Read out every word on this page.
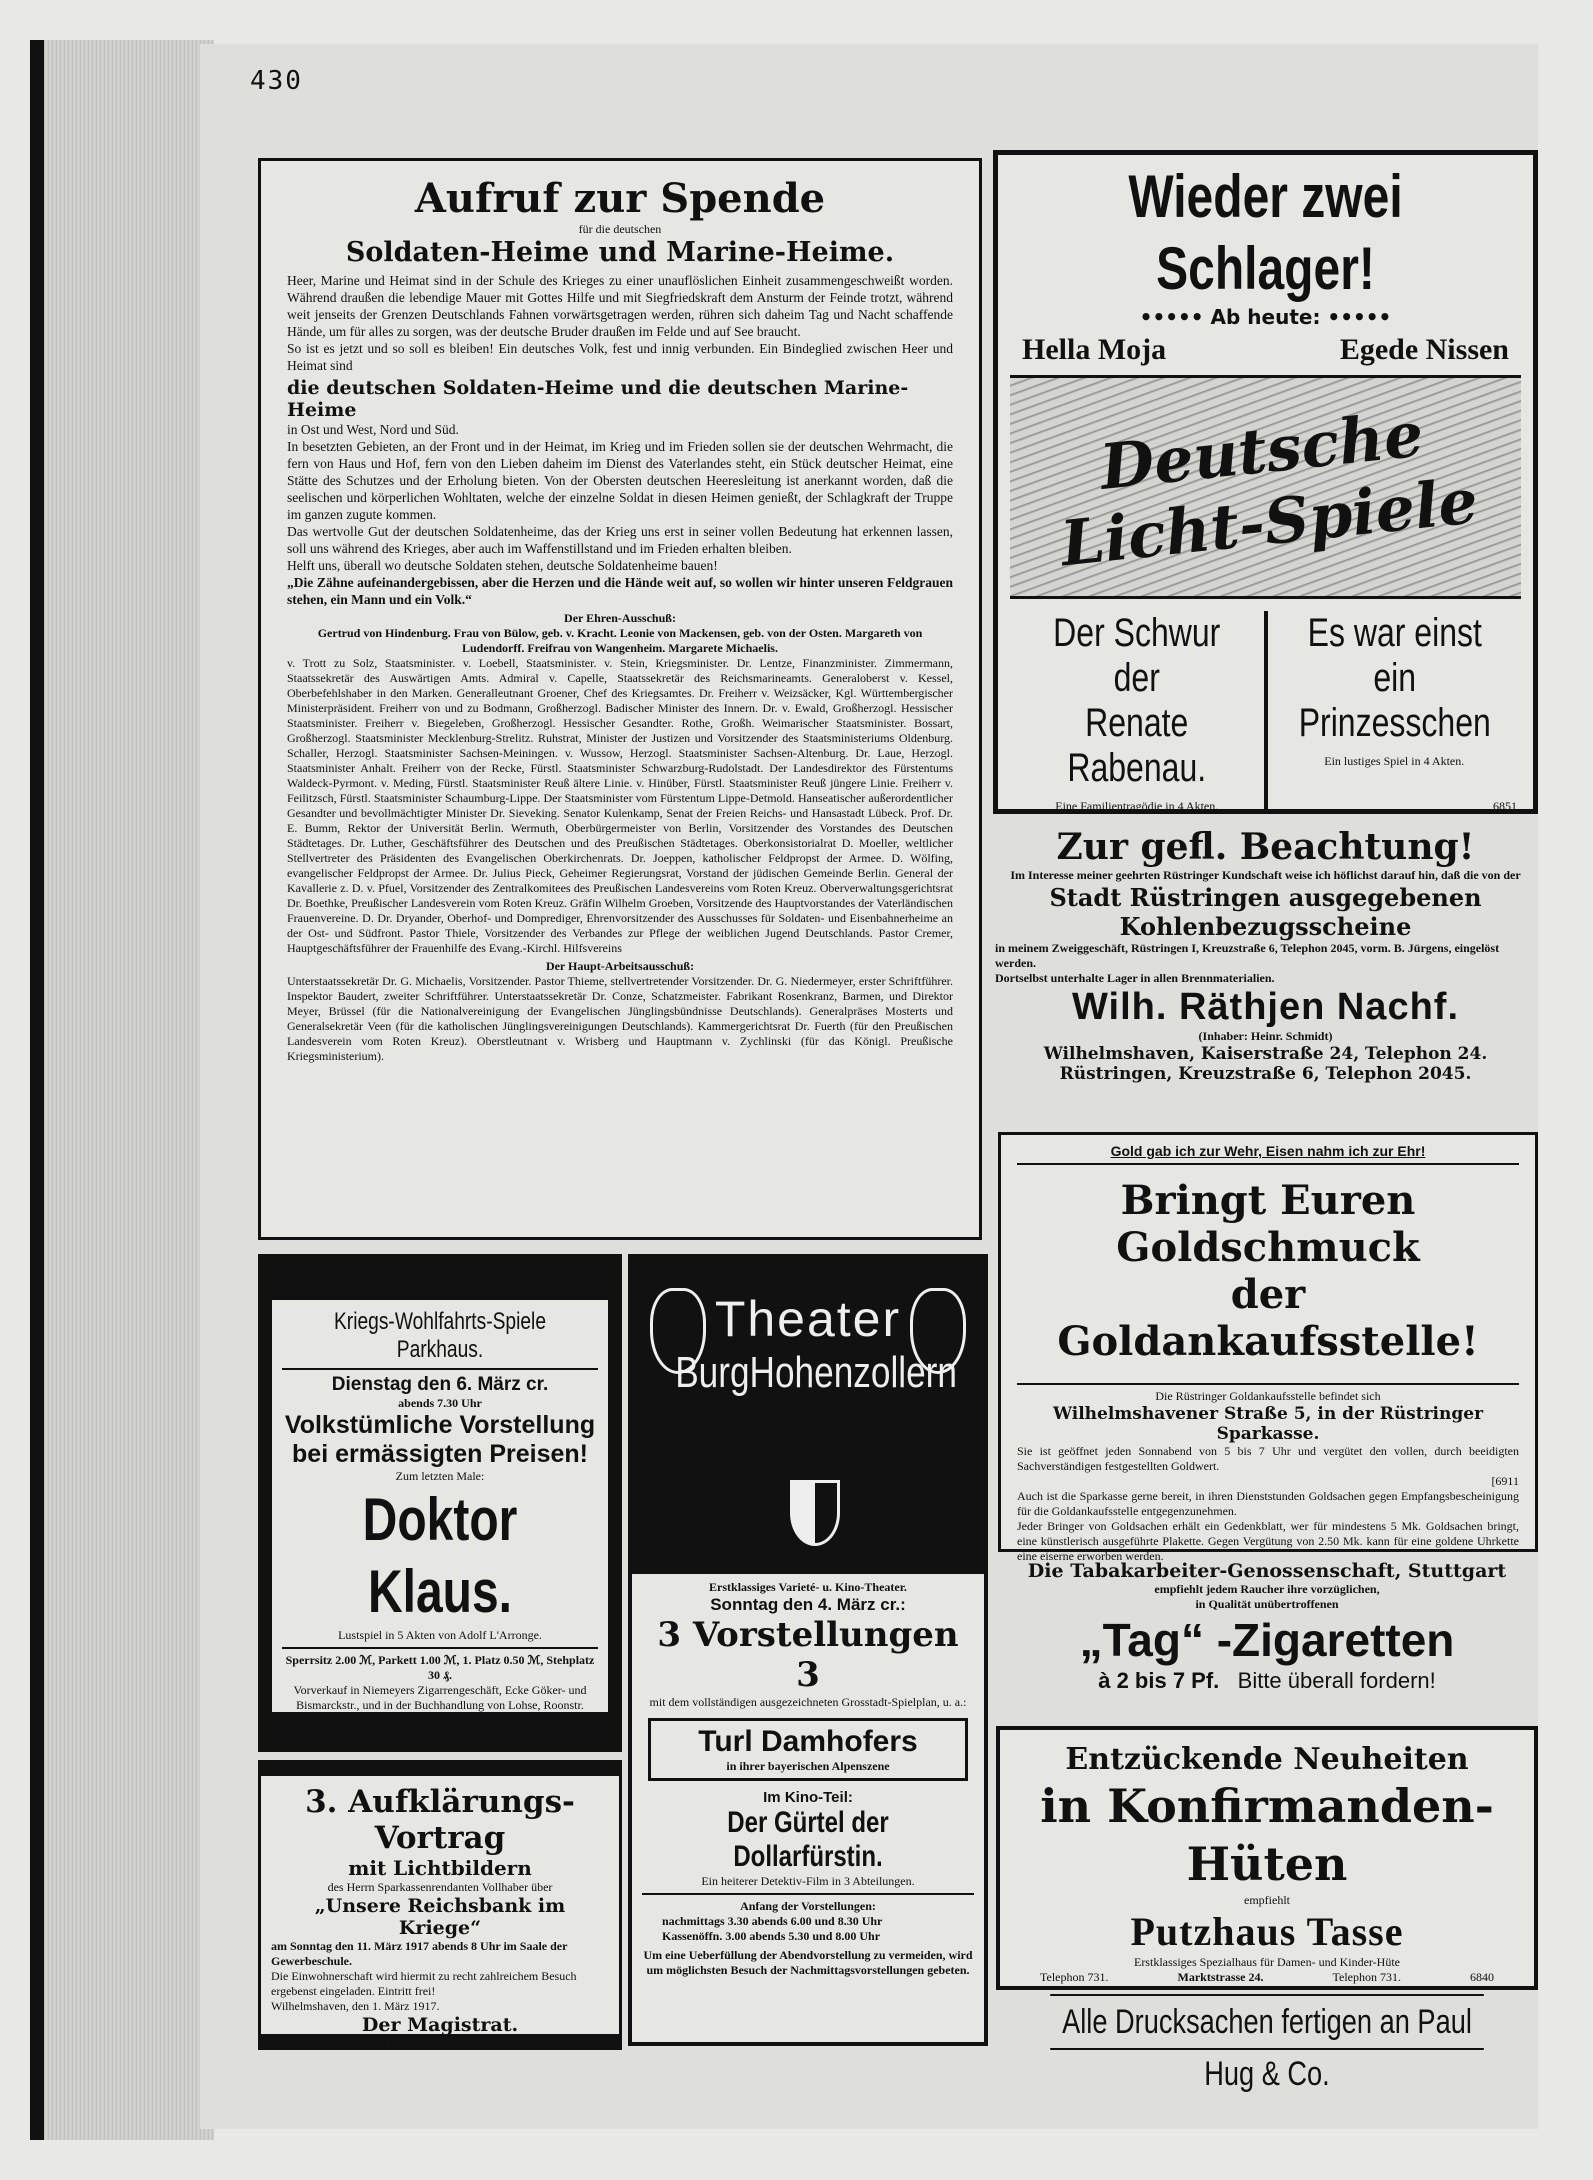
430
Aufruf zur Spende
für die deutschen
Soldaten-Heime und Marine-Heime.

Heer, Marine und Heimat sind in der Schule des Krieges zu einer unauflöslichen Einheit zusammengeschweißt worden. Während draußen die lebendige Mauer mit Gottes Hilfe und mit Siegfriedskraft dem Ansturm der Feinde trotzt, während weit jenseits der Grenzen Deutschlands Fahnen vorwärtsgetragen werden, rühren sich daheim Tag und Nacht schaffende Hände, um für alles zu sorgen, was der deutsche Bruder draußen im Felde und auf See braucht.

So ist es jetzt und so soll es bleiben! Ein deutsches Volk, fest und innig verbunden. Ein Bindeglied zwischen Heer und Heimat sind

die deutschen Soldaten-Heime und die deutschen Marine-Heime

in Ost und West, Nord und Süd.

In besetzten Gebieten, an der Front und in der Heimat, im Krieg und im Frieden sollen sie der deutschen Wehrmacht, die fern von Haus und Hof, fern von den Lieben daheim im Dienst des Vaterlandes steht, ein Stück deutscher Heimat, eine Stätte des Schutzes und der Erholung bieten. Von der Obersten deutschen Heeresleitung ist anerkannt worden, daß die seelischen und körperlichen Wohltaten, welche der einzelne Soldat in diesen Heimen genießt, der Schlagkraft der Truppe im ganzen zugute kommen.

Das wertvolle Gut der deutschen Soldatenheime, das der Krieg uns erst in seiner vollen Bedeutung hat erkennen lassen, soll uns während des Krieges, aber auch im Waffenstillstand und im Frieden erhalten bleiben.

Helft uns, überall wo deutsche Soldaten stehen, deutsche Soldatenheime bauen!

„Die Zähne aufeinandergebissen, aber die Herzen und die Hände weit auf, so wollen wir hinter unseren Feldgrauen stehen, ein Mann und ein Volk.“

Der Ehren-Ausschuß:

Gertrud von Hindenburg. Frau von Bülow, geb. v. Kracht. Leonie von Mackensen, geb. von der Osten. Margareth von Ludendorff. Freifrau von Wangenheim. Margarete Michaelis.

v. Trott zu Solz, Staatsminister. v. Loebell, Staatsminister. v. Stein, Kriegsminister. Dr. Lentze, Finanzminister. Zimmermann, Staatssekretär des Auswärtigen Amts. Admiral v. Capelle, Staatssekretär des Reichsmarineamts. Generaloberst v. Kessel, Oberbefehlshaber in den Marken. Generalleutnant Groener, Chef des Kriegsamtes. Dr. Freiherr v. Weizsäcker, Kgl. Württembergischer Ministerpräsident. Freiherr von und zu Bodmann, Großherzogl. Badischer Minister des Innern. Dr. v. Ewald, Großherzogl. Hessischer Staatsminister. Freiherr v. Biegeleben, Großherzogl. Hessischer Gesandter. Rothe, Großh. Weimarischer Staatsminister. Bossart, Großherzogl. Staatsminister Mecklenburg-Strelitz. Ruhstrat, Minister der Justizen und Vorsitzender des Staatsministeriums Oldenburg. Schaller, Herzogl. Staatsminister Sachsen-Meiningen. v. Wussow, Herzogl. Staatsminister Sachsen-Altenburg. Dr. Laue, Herzogl. Staatsminister Anhalt. Freiherr von der Recke, Fürstl. Staatsminister Schwarzburg-Rudolstadt. Der Landesdirektor des Fürstentums Waldeck-Pyrmont. v. Meding, Fürstl. Staatsminister Reuß ältere Linie. v. Hinüber, Fürstl. Staatsminister Reuß jüngere Linie. Freiherr v. Feilitzsch, Fürstl. Staatsminister Schaumburg-Lippe. Der Staatsminister vom Fürstentum Lippe-Detmold. Hanseatischer außerordentlicher Gesandter und bevollmächtigter Minister Dr. Sieveking. Senator Kulenkamp, Senat der Freien Reichs- und Hansastadt Lübeck. Prof. Dr. E. Bumm, Rektor der Universität Berlin. Wermuth, Oberbürgermeister von Berlin, Vorsitzender des Vorstandes des Deutschen Städtetages. Dr. Luther, Geschäftsführer des Deutschen und des Preußischen Städtetages. Oberkonsistorialrat D. Moeller, weltlicher Stellvertreter des Präsidenten des Evangelischen Oberkirchenrats. Dr. Joeppen, katholischer Feldpropst der Armee. D. Wölfing, evangelischer Feldpropst der Armee. Dr. Julius Pieck, Geheimer Regierungsrat, Vorstand der jüdischen Gemeinde Berlin. General der Kavallerie z. D. v. Pfuel, Vorsitzender des Zentralkomitees des Preußischen Landesvereins vom Roten Kreuz. Oberverwaltungsgerichtsrat Dr. Boethke, Preußischer Landesverein vom Roten Kreuz. Gräfin Wilhelm Groeben, Vorsitzende des Hauptvorstandes der Vaterländischen Frauenvereine. D. Dr. Dryander, Oberhof- und Domprediger, Ehrenvorsitzender des Ausschusses für Soldaten- und Eisenbahnerheime an der Ost- und Südfront. Pastor Thiele, Vorsitzender des Verbandes zur Pflege der weiblichen Jugend Deutschlands. Pastor Cremer, Hauptgeschäftsführer der Frauenhilfe des Evang.-Kirchl. Hilfsvereins

Der Haupt-Arbeitsausschuß:

Unterstaatssekretär Dr. G. Michaelis, Vorsitzender. Pastor Thieme, stellvertretender Vorsitzender. Dr. G. Niedermeyer, erster Schriftführer. Inspektor Baudert, zweiter Schriftführer. Unterstaatssekretär Dr. Conze, Schatzmeister. Fabrikant Rosenkranz, Barmen, und Direktor Meyer, Brüssel (für die Nationalvereinigung der Evangelischen Jünglingsbündnisse Deutschlands). Generalpräses Mosterts und Generalsekretär Veen (für die katholischen Jünglingsvereinigungen Deutschlands). Kammergerichtsrat Dr. Fuerth (für den Preußischen Landesverein vom Roten Kreuz). Oberstleutnant v. Wrisberg und Hauptmann v. Zychlinski (für das Königl. Preußische Kriegsministerium).

Wieder zwei Schlager!
••••• Ab heute: •••••
Hella Moja	Egede Nissen
Deutsche Licht-Spiele
Der Schwur der
Renate Rabenau.
Eine Familientragödie in 4 Akten.
Es war einst
ein Prinzesschen
Ein lustiges Spiel in 4 Akten.
6851
Zur gefl. Beachtung!

Im Interesse meiner geehrten Rüstringer Kundschaft weise ich höflichst darauf hin, daß die von der

Stadt Rüstringen ausgegebenen Kohlenbezugsscheine

in meinem Zweiggeschäft, Rüstringen I, Kreuzstraße 6, Telephon 2045, vorm. B. Jürgens, eingelöst werden.

Dortselbst unterhalte Lager in allen Brennmaterialien.

Wilh. Räthjen Nachf.
(Inhaber: Heinr. Schmidt)
Wilhelmshaven, Kaiserstraße 24, Telephon 24.
Rüstringen, Kreuzstraße 6, Telephon 2045.
Gold gab ich zur Wehr, Eisen nahm ich zur Ehr!
Bringt Euren Goldschmuck
der Goldankaufsstelle!

Die Rüstringer Goldankaufsstelle befindet sich

Wilhelmshavener Straße 5, in der Rüstringer Sparkasse.

Sie ist geöffnet jeden Sonnabend von 5 bis 7 Uhr und vergütet den vollen, durch beeidigten Sachverständigen festgestellten Goldwert.

[6911

Auch ist die Sparkasse gerne bereit, in ihren Dienststunden Goldsachen gegen Empfangsbescheinigung für die Goldankaufsstelle entgegenzunehmen.

Jeder Bringer von Goldsachen erhält ein Gedenkblatt, wer für mindestens 5 Mk. Goldsachen bringt, eine künstlerisch ausgeführte Plakette. Gegen Vergütung von 2.50 Mk. kann für eine goldene Uhrkette eine eiserne erworben werden.

Die Tabakarbeiter-Genossenschaft, Stuttgart
empfiehlt jedem Raucher ihre vorzüglichen,
in Qualität unübertroffenen
„Tag“ -Zigaretten
à 2 bis 7 Pf. Bitte überall fordern!
Entzückende Neuheiten
in Konfirmanden-Hüten
empfiehlt
Putzhaus Tasse
Erstklassiges Spezialhaus für Damen- und Kinder-Hüte
Telephon 731.	Marktstrasse 24.	Telephon 731.	6840
Alle Drucksachen fertigen an Paul Hug & Co.
Kriegs-Wohlfahrts-Spiele Parkhaus.
Dienstag den 6. März cr.
abends 7.30 Uhr
Volkstümliche Vorstellung
bei ermässigten Preisen!
Zum letzten Male:
Doktor Klaus.
Lustspiel in 5 Akten von Adolf L'Arronge.
Sperrsitz 2.00 ℳ, Parkett 1.00 ℳ, 1. Platz 0.50 ℳ, Stehplatz 30 ₰.
Vorverkauf in Niemeyers Zigarrengeschäft, Ecke Göker- und Bismarckstr., und in der Buchhandlung von Lohse, Roonstr.
[6828
3. Aufklärungs-Vortrag
mit Lichtbildern
des Herrn Sparkassenrendanten Vollhaber über
„Unsere Reichsbank im Kriege“
am Sonntag den 11. März 1917 abends 8 Uhr im Saale der Gewerbeschule.
Die Einwohnerschaft wird hiermit zu recht zahlreichem Besuch ergebenst eingeladen. Eintritt frei!
Wilhelmshaven, den 1. März 1917.
Der Magistrat.
Täger.	6880
Theater
BurgHohenzollern
Erstklassiges Varieté- u. Kino-Theater.
Sonntag den 4. März cr.:
3 Vorstellungen 3
mit dem vollständigen ausgezeichneten Grosstadt-Spielplan, u. a.:
Turl Damhofers
in ihrer bayerischen Alpenszene
Im Kino-Teil:
Der Gürtel der Dollarfürstin.
Ein heiterer Detektiv-Film in 3 Abteilungen.
Anfang der Vorstellungen:
nachmittags 3.30 abends 6.00 und 8.30 Uhr
Kassenöffn. 3.00 abends 5.30 und 8.00 Uhr
Um eine Ueberfüllung der Abendvorstellung zu vermeiden, wird um möglichsten Besuch der Nachmittagsvorstellungen gebeten.
